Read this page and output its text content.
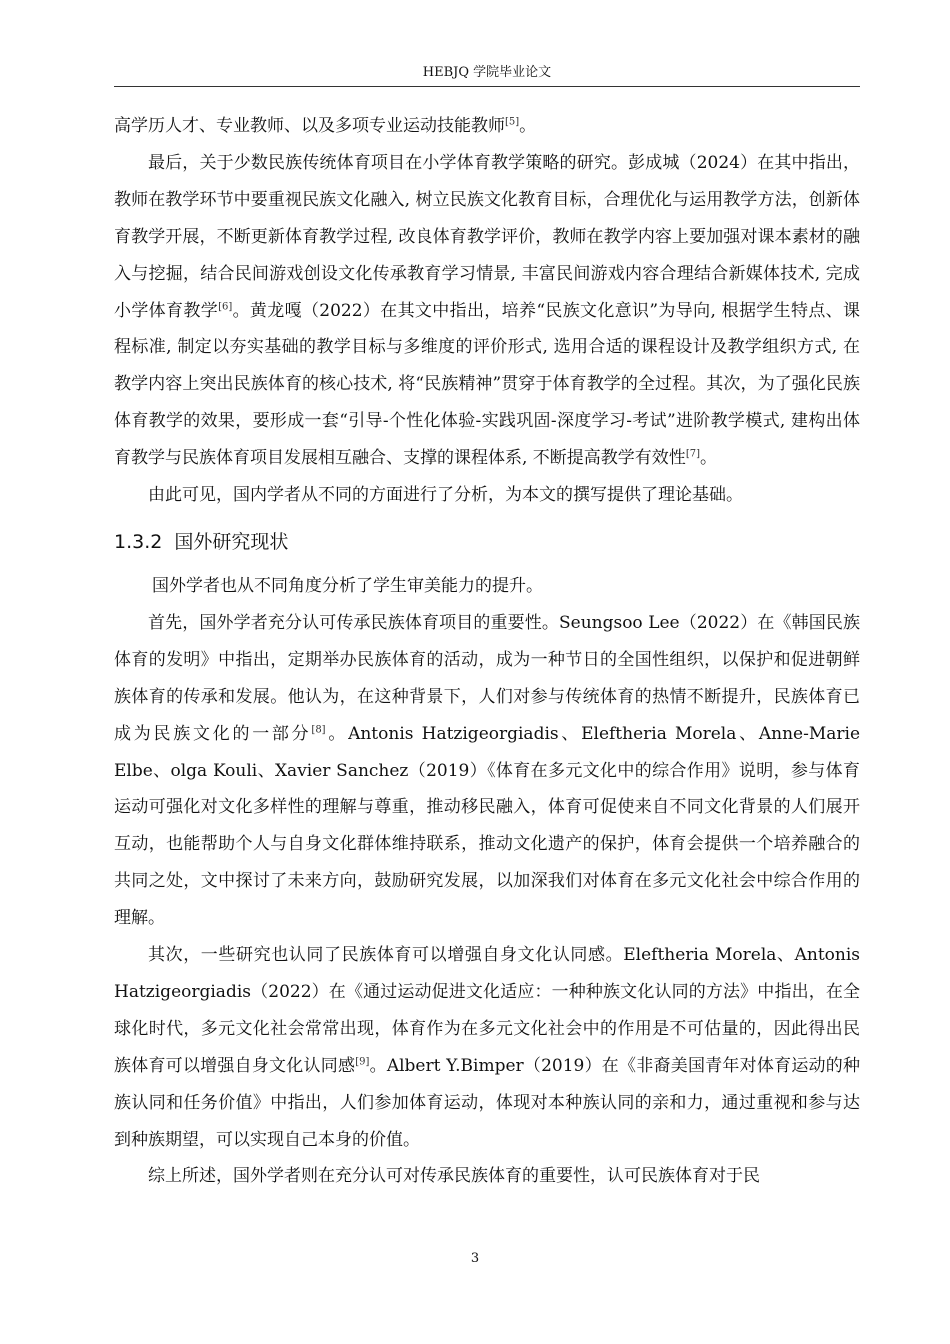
HEBJQ 学院毕业论文

高学历人才、专业教师、以及多项专业运动技能教师[5]。

最后，关于少数民族传统体育项目在小学体育教学策略的研究。彭成城（2024）在其中指出，教师在教学环节中要重视民族文化融入, 树立民族文化教育目标，合理优化与运用教学方法，创新体育教学开展，不断更新体育教学过程, 改良体育教学评价，教师在教学内容上要加强对课本素材的融入与挖掘，结合民间游戏创设文化传承教育学习情景, 丰富民间游戏内容合理结合新媒体技术, 完成小学体育教学[6]。黄龙嘎（2022）在其文中指出，培养“民族文化意识”为导向, 根据学生特点、课程标准, 制定以夯实基础的教学目标与多维度的评价形式, 选用合适的课程设计及教学组织方式, 在教学内容上突出民族体育的核心技术, 将“民族精神”贯穿于体育教学的全过程。其次，为了强化民族体育教学的效果，要形成一套“引导-个性化体验-实践巩固-深度学习-考试”进阶教学模式, 建构出体育教学与民族体育项目发展相互融合、支撑的课程体系, 不断提高教学有效性[7]。

由此可见，国内学者从不同的方面进行了分析，为本文的撰写提供了理论基础。

1.3.2 国外研究现状

国外学者也从不同角度分析了学生审美能力的提升。

首先，国外学者充分认可传承民族体育项目的重要性。Seungsoo Lee（2022）在《韩国民族体育的发明》中指出，定期举办民族体育的活动，成为一种节日的全国性组织，以保护和促进朝鲜族体育的传承和发展。他认为，在这种背景下，人们对参与传统体育的热情不断提升，民族体育已成为民族文化的一部分[8]。Antonis Hatzigeorgiadis、Eleftheria Morela、Anne-Marie Elbe、olga Kouli、Xavier Sanchez（2019）《体育在多元文化中的综合作用》说明，参与体育运动可强化对文化多样性的理解与尊重，推动移民融入，体育可促使来自不同文化背景的人们展开互动，也能帮助个人与自身文化群体维持联系，推动文化遗产的保护，体育会提供一个培养融合的共同之处，文中探讨了未来方向，鼓励研究发展，以加深我们对体育在多元文化社会中综合作用的理解。

其次，一些研究也认同了民族体育可以增强自身文化认同感。Eleftheria Morela、Antonis Hatzigeorgiadis（2022）在《通过运动促进文化适应：一种种族文化认同的方法》中指出，在全球化时代，多元文化社会常常出现，体育作为在多元文化社会中的作用是不可估量的，因此得出民族体育可以增强自身文化认同感[9]。Albert Y.Bimper（2019）在《非裔美国青年对体育运动的种族认同和任务价值》中指出，人们参加体育运动，体现对本种族认同的亲和力，通过重视和参与达到种族期望，可以实现自己本身的价值。

综上所述，国外学者则在充分认可对传承民族体育的重要性，认可民族体育对于民

3
